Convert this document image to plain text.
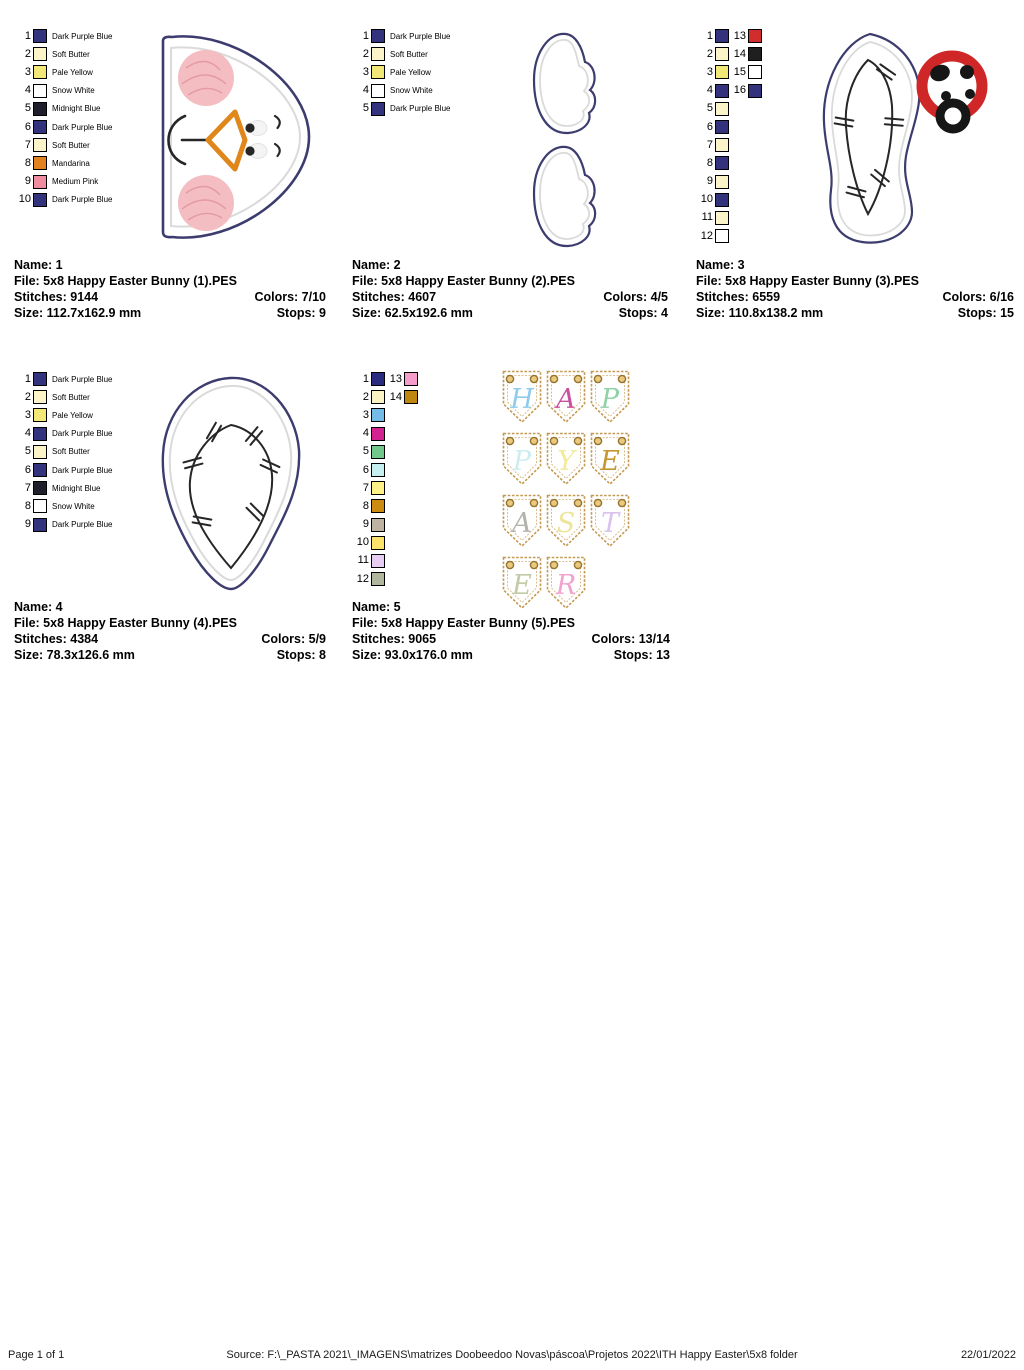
1	Dark Purple Blue
2	Soft Butter
3	Pale Yellow
4	Snow White
5	Midnight Blue
6	Dark Purple Blue
7	Soft Butter
8	Mandarina
9	Medium Pink
10	Dark Purple Blue
Name: 1
File: 5x8 Happy Easter Bunny (1).PES
Stitches: 9144	Colors: 7/10
Size: 112.7x162.9 mm	Stops: 9
1	Dark Purple Blue
2	Soft Butter
3	Pale Yellow
4	Snow White
5	Dark Purple Blue
Name: 2
File: 5x8 Happy Easter Bunny (2).PES
Stitches: 4607	Colors: 4/5
Size: 62.5x192.6 mm	Stops: 4
1
2
3
4
5
6
7
8
9
10
11
12
13
14
15
16
Name: 3
File: 5x8 Happy Easter Bunny (3).PES
Stitches: 6559	Colors: 6/16
Size: 110.8x138.2 mm	Stops: 15
1	Dark Purple Blue
2	Soft Butter
3	Pale Yellow
4	Dark Purple Blue
5	Soft Butter
6	Dark Purple Blue
7	Midnight Blue
8	Snow White
9	Dark Purple Blue
Name: 4
File: 5x8 Happy Easter Bunny (4).PES
Stitches: 4384	Colors: 5/9
Size: 78.3x126.6 mm	Stops: 8
1
2
3
4
5
6
7
8
9
10
11
12
13
14	H A P
P Y E
A S T
E R
Name: 5
File: 5x8 Happy Easter Bunny (5).PES
Stitches: 9065	Colors: 13/14
Size: 93.0x176.0 mm	Stops: 13
Page 1 of 1	Source: F:\_PASTA 2021\_IMAGENS\matrizes Doobeedoo Novas\páscoa\Projetos 2022\ITH Happy Easter\5x8 folder	22/01/2022
